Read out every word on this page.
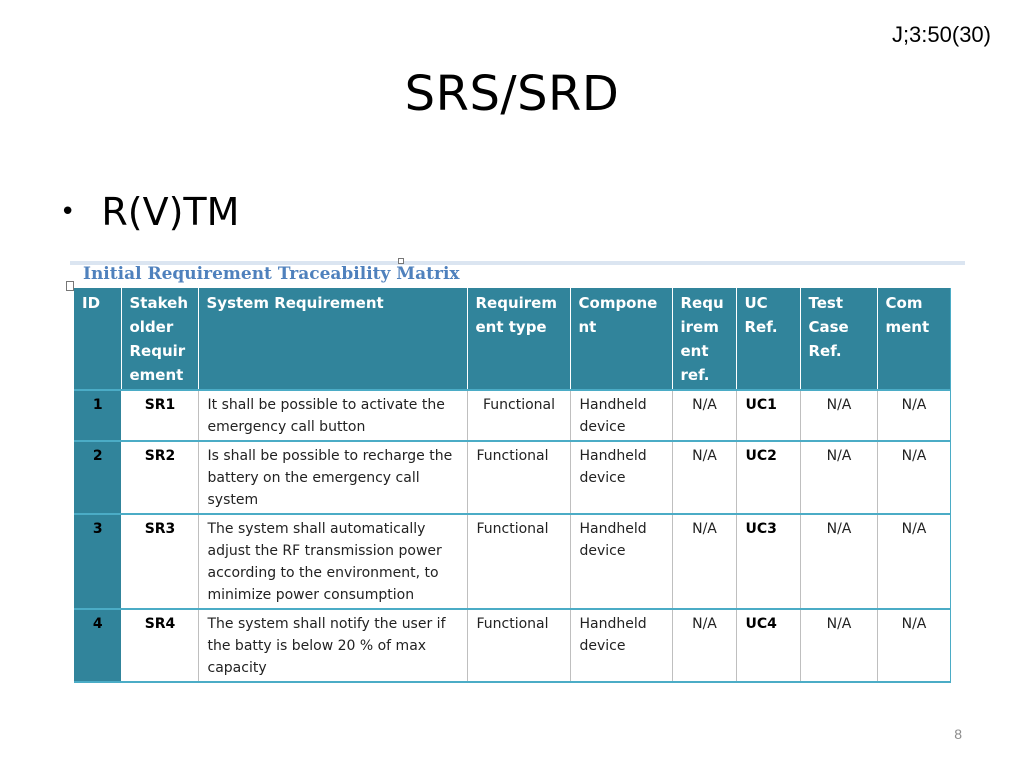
J;3:50(30)
SRS/SRD
• R(V)TM
Initial Requirement Traceability Matrix
ID	Stakeh older Requir ement	System Requirement	Requirem ent type	Compone nt	Requ irem ent ref.	UC Ref.	Test Case Ref.	Com ment
1	SR1	It shall be possible to activate the emergency call button	Functional	Handheld device	N/A	UC1	N/A	N/A
2	SR2	Is shall be possible to recharge the battery on the emergency call system	Functional	Handheld device	N/A	UC2	N/A	N/A
3	SR3	The system shall automatically adjust the RF transmission power according to the environment, to minimize power consumption	Functional	Handheld device	N/A	UC3	N/A	N/A
4	SR4	The system shall notify the user if the batty is below 20 % of max capacity	Functional	Handheld device	N/A	UC4	N/A	N/A
8
